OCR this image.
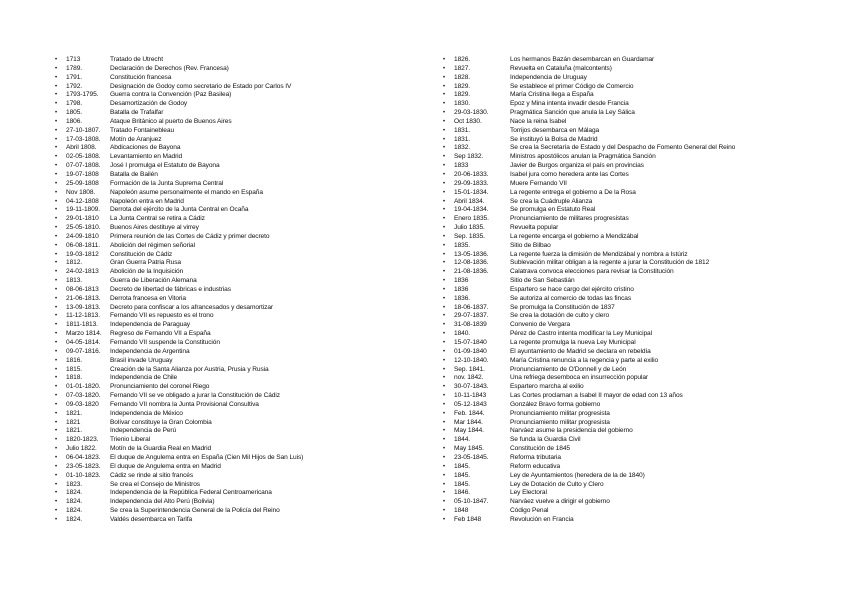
•	1713	Tratado de Utrecht
•	1789.	Declaración de Derechos (Rev. Francesa)
•	1791.	Constitución francesa
•	1792.	Designación de Godoy como secretario de Estado por Carlos IV
•	1793-1795.	Guerra contra la Convención (Paz Basilea)
•	1798.	Desamortización de Godoy
•	1805.	Batalla de Trafalfar
•	1806.	Ataque Británico al puerto de Buenos Aires
•	27-10-1807.	Tratado Fontainebleau
•	17-03-1808.	Motín de Aranjuez
•	Abril 1808.	Abdicaciones de Bayona
•	02-05-1808.	Levantamiento en Madrid
•	07-07-1808.	José I promulga el Estatuto de Bayona
•	19-07-1808	Batalla de Bailén
•	25-09-1808	Formación de la Junta Suprema Central
•	Nov 1808.	Napoleón asume personalmente el mando en España
•	04-12-1808	Napoleón entra en Madrid
•	19-11-1809.	Derrota del ejército de la Junta Central en Ocaña
•	29-01-1810	La Junta Central se retira a Cádiz
•	25-05-1810.	Buenos Aires destituye al virrey
•	24-09-1810	Primera reunión de las Cortes de Cádiz y primer decreto
•	06-08-1811.	Abolición del régimen señorial
•	19-03-1812	Constitución de Cádiz
•	1812.	Gran Guerra Patria Rusa
•	24-02-1813	Abolición de la Inquisición
•	1813.	Guerra de Liberación Alemana
•	08-06-1813	Decreto de libertad de fábricas e industrias
•	21-06-1813.	Derrota francesa en Vitoria
•	13-09-1813.	Decreto para confiscar a los afrancesados y desamortizar
•	11-12-1813.	Fernando VII es repuesto es el trono
•	1811-1813.	Independencia de Paraguay
•	Marzo 1814.	Regreso de Fernando VII a España
•	04-05-1814.	Fernando VII suspende la Constitución
•	09-07-1816.	Independencia de Argentina
•	1816.	Brasil invade Uruguay
•	1815.	Creación de la Santa Alianza por Austria, Prusia y Rusia
•	1818.	Independencia de Chile
•	01-01-1820.	Pronunciamiento del coronel Riego
•	07-03-1820.	Fernando VII se ve obligado a jurar la Constitución de Cádiz
•	09-03-1820	Fernando VII nombra la Junta Provisional Consultiva
•	1821.	Independencia de México
•	1821	Bolívar constituye la Gran Colombia
•	1821.	Independencia de Perú
•	1820-1823.	Trienio Liberal
•	Julio 1822.	Motín de la Guardia Real en Madrid
•	06-04-1823.	El duque de Angulema entra en España (Cien Mil Hijos de San Luis)
•	23-05-1823.	El duque de Angulema entra en Madrid
•	01-10-1823.	Cádiz se rinde al sitio francés
•	1823.	Se crea el Consejo de Ministros
•	1824.	Independencia de la República Federal Centroamericana
•	1824.	Independencia del Alto Perú (Bolivia)
•	1824.	Se crea la Superintendencia General de la Policía del Reino
•	1824.	Valdés desembarca en Tarifa
•	1826.	Los hermanos Bazán desembarcan en Guardamar
•	1827.	Revuelta en Cataluña (malcontents)
•	1828.	Independencia de Uruguay
•	1829.	Se establece el primer Código de Comercio
•	1829.	María Cristina llega a España
•	1830.	Epoz y Mina intenta invadir desde Francia
•	29-03-1830.	Pragmática Sanción que anula la Ley Sálica
•	Oct 1830.	Nace la reina Isabel
•	1831.	Torrijos desembarca en Málaga
•	1831.	Se instituyó la Bolsa de Madrid
•	1832.	Se crea la Secretaría de Estado y del Despacho de Fomento General del Reino
•	Sep 1832.	Ministros apostólicos anulan la Pragmática Sanción
•	1833	Javier de Burgos organiza el país en provincias
•	20-06-1833.	Isabel jura como heredera ante las Cortes
•	29-09-1833.	Muere Fernando VII
•	15-01-1834.	La regente entrega el gobierno a De la Rosa
•	Abril 1834.	Se crea la Cuádruple Alianza
•	19-04-1834.	Se promulga en Estatuto Real
•	Enero 1835.	Pronunciamiento de militares progresistas
•	Julio 1835.	Revuelta popular
•	Sep. 1835.	La regente encarga el gobierno a Mendizábal
•	1835.	Sitio de Bilbao
•	13-05-1836.	La regente fuerza la dimisión de Mendizábal y nombra a Istúriz
•	12-08-1836.	Sublevación militar obligan a la regente a jurar la Constitución de 1812
•	21-08-1836.	Calatrava convoca elecciones para revisar la Constitución
•	1836	Sitio de San Sebastián
•	1836	Espartero se hace cargo del ejército cristino
•	1836.	Se autoriza al comercio de todas las fincas
•	18-06-1837.	Se promulga la Constitución de 1837
•	29-07-1837.	Se crea la dotación de culto y clero
•	31-08-1839	Convenio de Vergara
•	1840.	Pérez de Castro intenta modificar la Ley Municipal
•	15-07-1840	La regente promulga la nueva Ley Municipal
•	01-09-1840	El ayuntamiento de Madrid se declara en rebeldía
•	12-10-1840.	María Cristina renuncia a la regencia y parte al exilio
•	Sep. 1841.	Pronunciamiento de O'Donnell y de León
•	nov. 1842.	Una refriega desemboca en insurrección popular
•	30-07-1843.	Espartero marcha al exilio
•	10-11-1843	Las Cortes proclaman a Isabel II mayor de edad con 13 años
•	05-12-1843	González Bravo forma gobierno
•	Feb. 1844.	Pronunciamiento militar progresista
•	Mar 1844.	Pronunciamiento militar progresista
•	May 1844.	Narváez asume la presidencia del gobierno
•	1844.	Se funda la Guardia Civil
•	May 1845.	Constitución de 1845
•	23-05-1845.	Reforma tributaria
•	1845.	Reform educativa
•	1845.	Ley de Ayuntamientos (heredera de la de 1840)
•	1845.	Ley de Dotación de Culto y Clero
•	1846.	Ley Electoral
•	05-10-1847.	Narváez vuelve a dirigir el gobierno
•	1848	Código Penal
•	Feb 1848	Revolución en Francia
